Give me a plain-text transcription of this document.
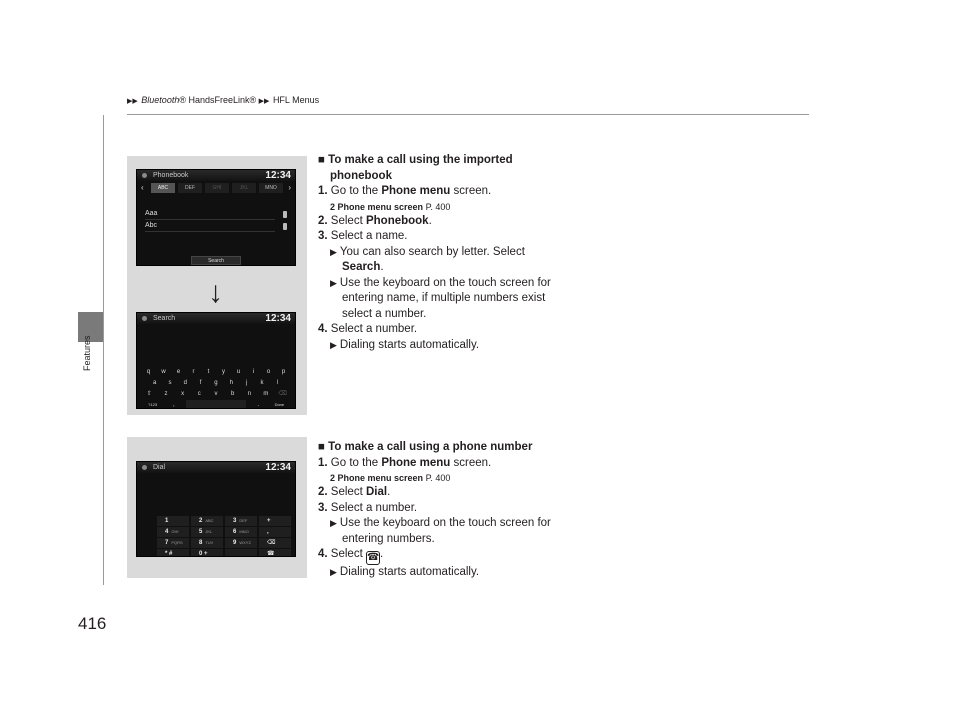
▶▶ Bluetooth® HandsFreeLink® ▶▶ HFL Menus
Features
Phonebook	12:34
‹	ABC	DEF	GHI	JKL	MNO	›
Aaa
Abc
Search
↓
Search	12:34
q	w	e	r	t	y	u	i	o	p
a	s	d	f	g	h	j	k	l
⇧	z	x	c	v	b	n	m	⌫
?123	,	.	Done
Dial	12:34
1	2 ABC	3 DEF	+
4 GHI	5 JKL	6 MNO	,
7 PQRS	8 TUV	9 WXYZ	⌫
* #	0 +	☎
■ To make a call using the imported
phonebook
1. Go to the Phone menu screen.
2 Phone menu screen P. 400
2. Select Phonebook.
3. Select a name.
▶ You can also search by letter. Select
Search.
▶ Use the keyboard on the touch screen for
entering name, if multiple numbers exist
select a number.
4. Select a number.
▶ Dialing starts automatically.
■ To make a call using a phone number
1. Go to the Phone menu screen.
2 Phone menu screen P. 400
2. Select Dial.
3. Select a number.
▶ Use the keyboard on the touch screen for
entering numbers.
4. Select ☎.
▶ Dialing starts automatically.
416
